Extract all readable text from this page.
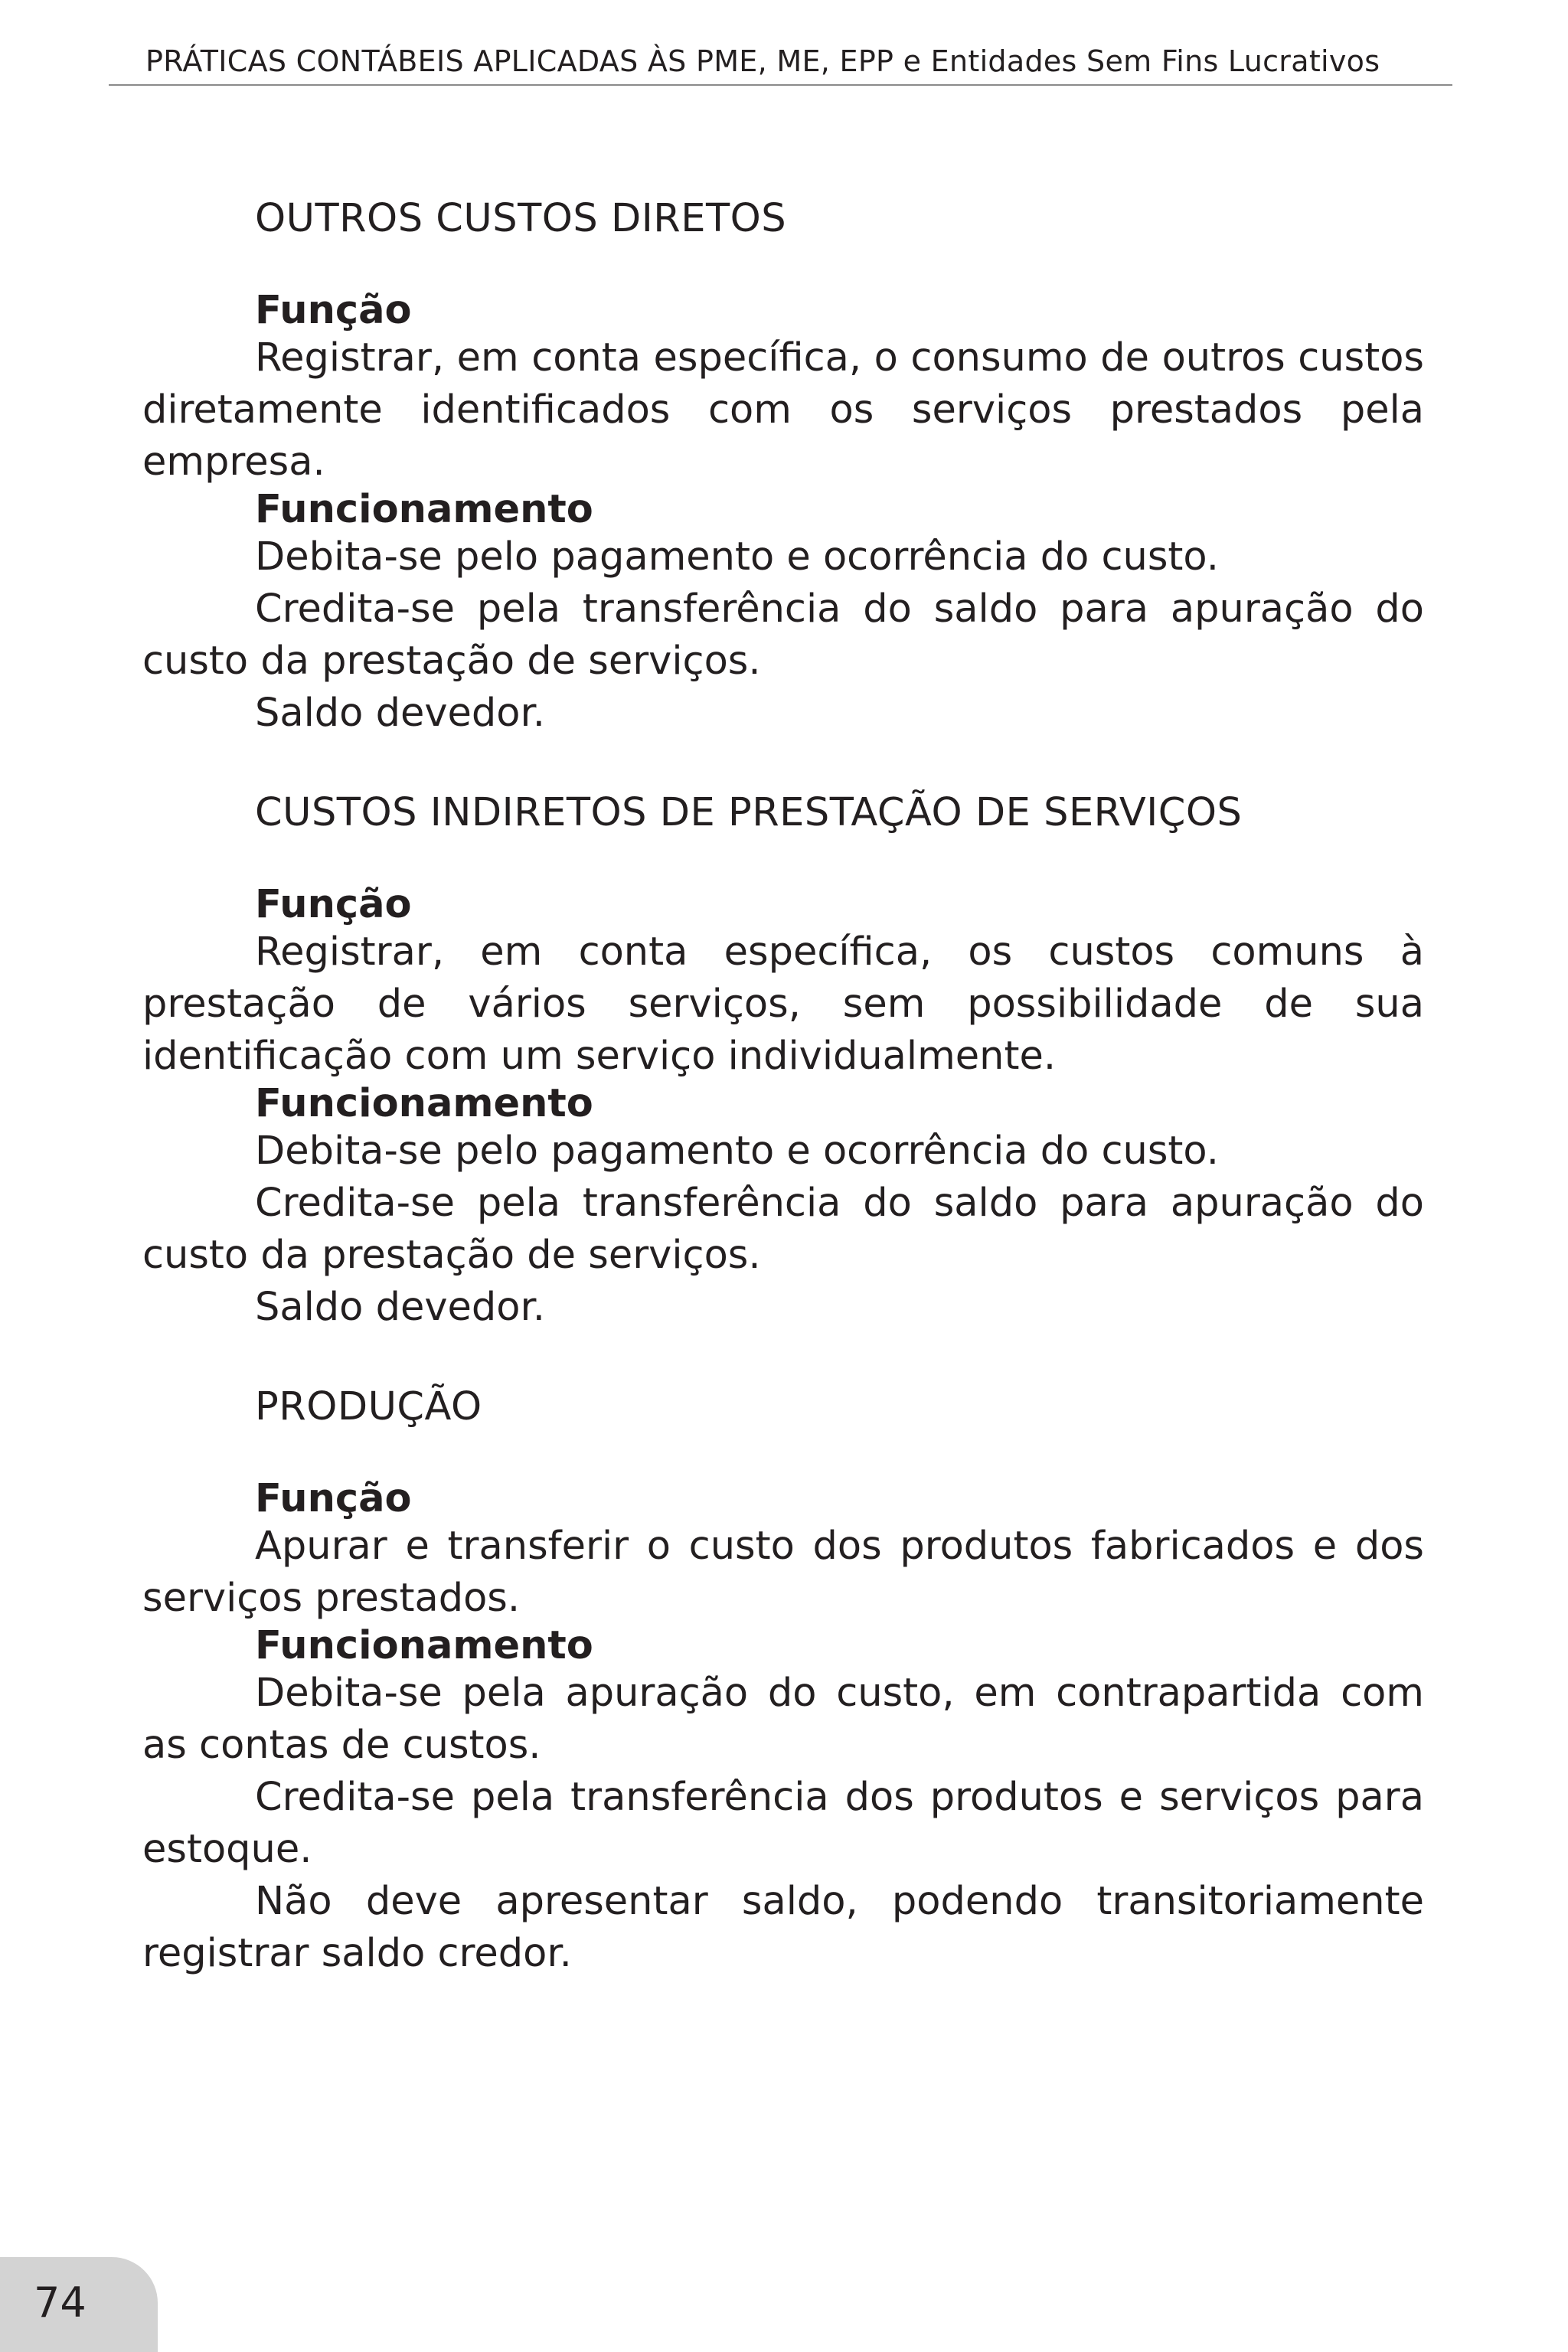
PRÁTICAS CONTÁBEIS APLICADAS ÀS PME, ME, EPP e Entidades Sem Fins Lucrativos

OUTROS CUSTOS DIRETOS

Função

Registrar, em conta específica, o consumo de outros custos diretamente identificados com os serviços prestados pela empresa.

Funcionamento

Debita-se pelo pagamento e ocorrência do custo.

Credita-se pela transferência do saldo para apuração do custo da prestação de serviços.

Saldo devedor.

CUSTOS INDIRETOS DE PRESTAÇÃO DE SERVIÇOS

Função

Registrar, em conta específica, os custos comuns à prestação de vários serviços, sem possibilidade de sua identificação com um serviço individualmente.

Funcionamento

Debita-se pelo pagamento e ocorrência do custo.

Credita-se pela transferência do saldo para apuração do custo da prestação de serviços.

Saldo devedor.

PRODUÇÃO

Função

Apurar e transferir o custo dos produtos fabricados e dos serviços prestados.

Funcionamento

Debita-se pela apuração do custo, em contrapartida com as contas de custos.

Credita-se pela transferência dos produtos e serviços para estoque.

Não deve apresentar saldo, podendo transitoriamente registrar saldo credor.

74
